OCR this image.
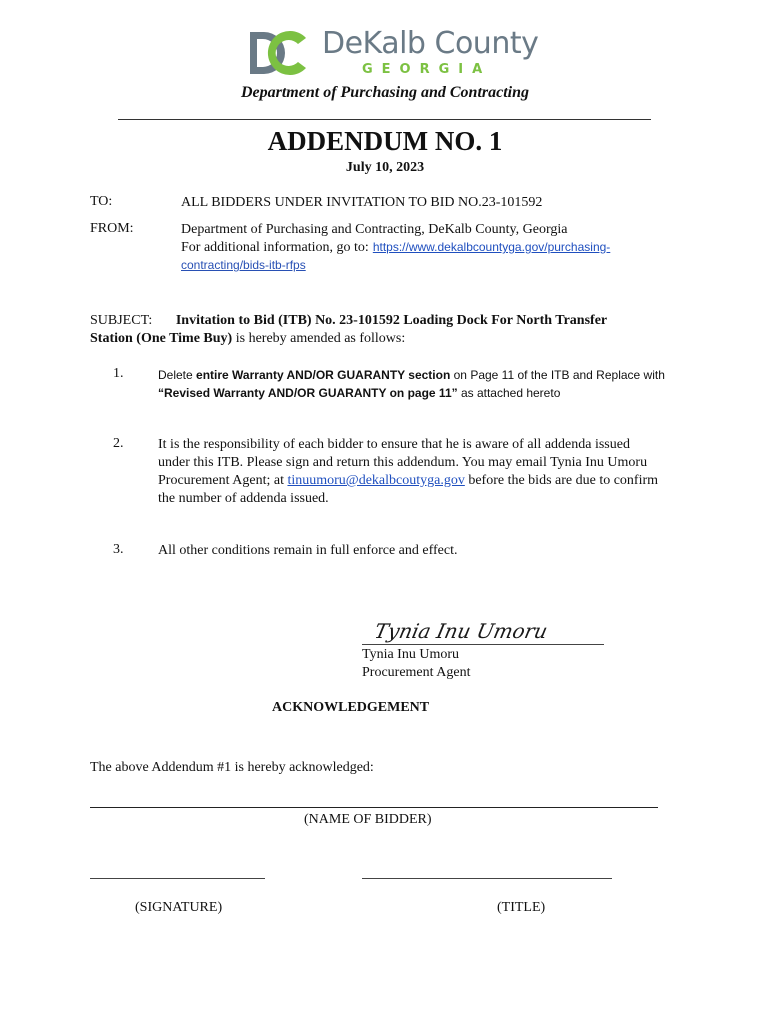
DeKalb County
GEORGIA
Department of Purchasing and Contracting
ADDENDUM NO. 1
July 10, 2023
TO:	ALL BIDDERS UNDER INVITATION TO BID NO.23-101592
FROM:	Department of Purchasing and Contracting, DeKalb County, Georgia
For additional information, go to: https://www.dekalbcountyga.gov/purchasing-
contracting/bids-itb-rfps
SUBJECT: Invitation to Bid (ITB) No. 23-101592 Loading Dock For North Transfer
Station (One Time Buy) is hereby amended as follows:
1.	Delete entire Warranty AND/OR GUARANTY section on Page 11 of the ITB and Replace with
“Revised Warranty AND/OR GUARANTY on page 11” as attached hereto
2. It is the responsibility of each bidder to ensure that he is aware of all addenda issued
under this ITB. Please sign and return this addendum. You may email Tynia Inu Umoru
Procurement Agent; at tinuumoru@dekalbcoutyga.gov before the bids are due to confirm
the number of addenda issued.
3. All other conditions remain in full enforce and effect.
Tynia Inu Umoru
Tynia Inu Umoru
Procurement Agent
ACKNOWLEDGEMENT
The above Addendum #1 is hereby acknowledged:
(NAME OF BIDDER)
(SIGNATURE)	(TITLE)
